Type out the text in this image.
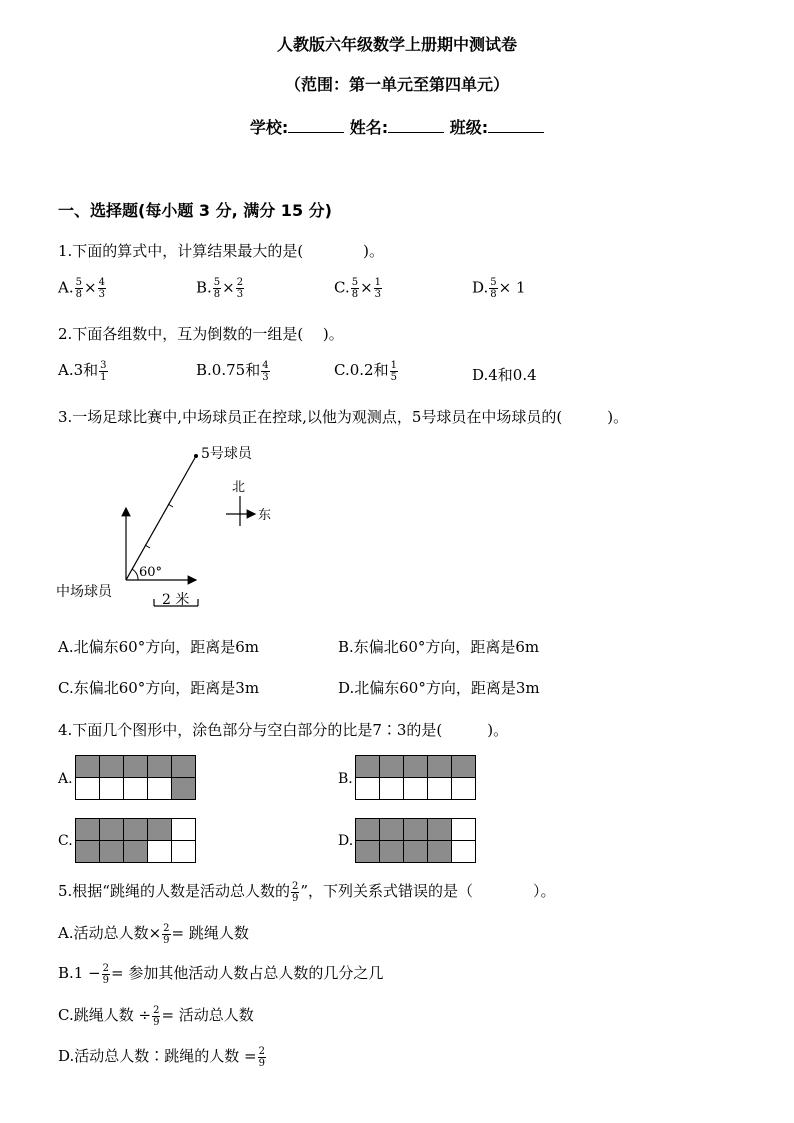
人教版六年级数学上册期中测试卷
（范围：第一单元至第四单元）
学校:	姓名:	班级:
一、选择题(每小题 3 分, 满分 15 分)
1.下面的算式中，计算结果最大的是(　　　　)。
A. $\frac{5}{8} \times \frac{4}{3}$	B. $\frac{5}{8} \times \frac{2}{3}$	C. $\frac{5}{8} \times \frac{1}{3}$	D. $\frac{5}{8} \times 1$
2.下面各组数中，互为倒数的一组是(　 )。
A.3和 $\frac{3}{1}$	B.0.75和 $\frac{4}{3}$	C.0.2和 $\frac{1}{5}$	D.4和0.4
3.一场足球比赛中,中场球员正在控球,以他为观测点，5号球员在中场球员的(　　　)。
5号球员
北
东
60°
中场球员	2 米
A.北偏东60°方向，距离是6m	B.东偏北60°方向，距离是6m
C.东偏北60°方向，距离是3m	D.北偏东60°方向，距离是3m
4.下面几个图形中，涂色部分与空白部分的比是7∶3的是(　　　)。
A.

					B.

C.

					D.

5.根据“跳绳的人数是活动总人数的 $\frac{2}{9}$ ”，下列关系式错误的是（　　　　）。
A.活动总人数× $\frac{2}{9}$ = 跳绳人数
$B.1 - \frac{2}{9}$ = 参加其他活动人数占总人数的几分之几
C.跳绳人数 ÷ $\frac{2}{9}$ = 活动总人数
D.活动总人数∶跳绳的人数 = $\frac{2}{9}$
